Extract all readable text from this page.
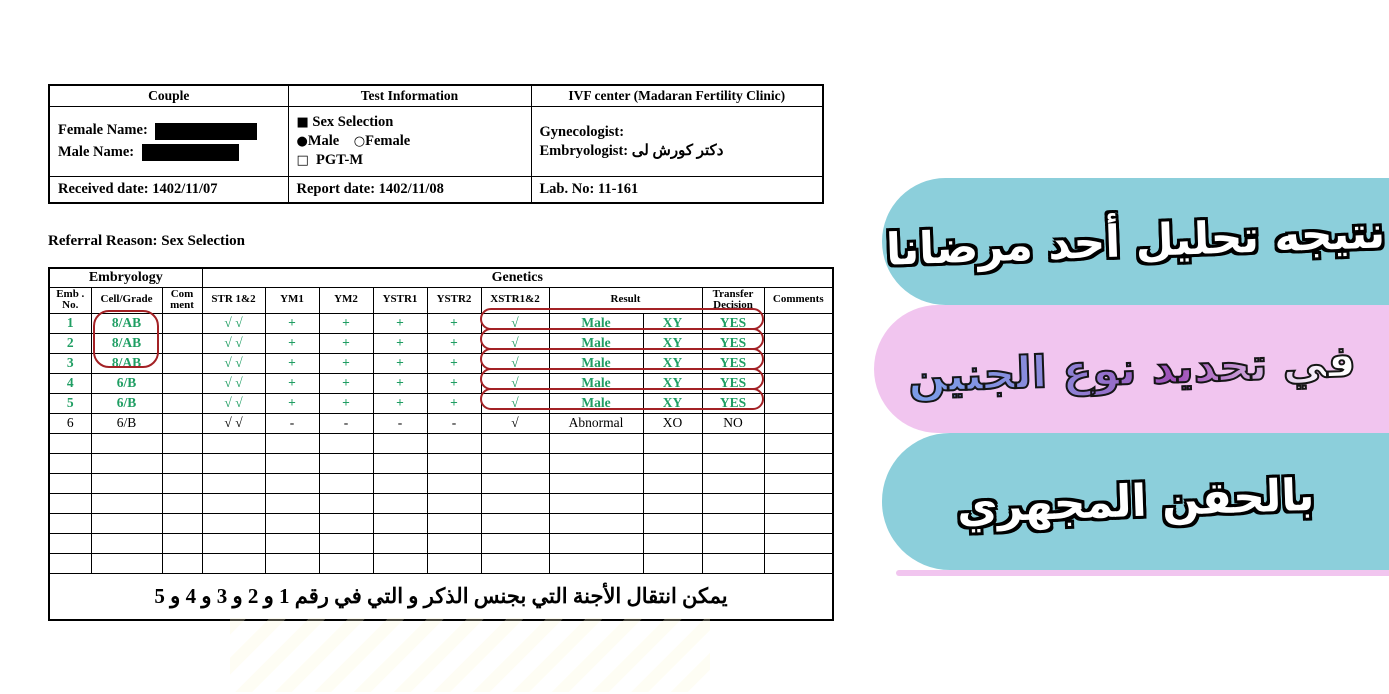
Couple	Test Information	IVF center (Madaran Fertility Clinic)

Female Name:
Male Name:

■ Sex Selection
●Male ○Female
□ PGT-M

Gynecologist:
Embryologist: دکتر کورش لی

Received date: 1402/11/07	Report date: 1402/11/08	Lab. No: 11-161
Referral Reason: Sex Selection
Embryology			Genetics									
Emb . No.	Cell/Grade	Com ment	STR 1&2	YM1	YM2	YSTR1	YSTR2	XSTR1&2	Result		Transfer Decision	Comments
1	8/AB		√ √	+	+	+	+	√	Male	XY	YES	
2	8/AB		√ √	+	+	+	+	√	Male	XY	YES	
3	8/AB		√ √	+	+	+	+	√	Male	XY	YES	
4	6/B		√ √	+	+	+	+	√	Male	XY	YES	
5	6/B		√ √	+	+	+	+	√	Male	XY	YES	
6	6/B		√ √	-	-	-	-	√	Abnormal	XO	NO	

يمكن انتقال الأجنة التي بجنس الذكر و التي في رقم 1 و 2 و 3 و 4 و 5												
نتيجه تحليل أحد مرضانا
في تحديد نوع الجنين
بالحقن المجهري
